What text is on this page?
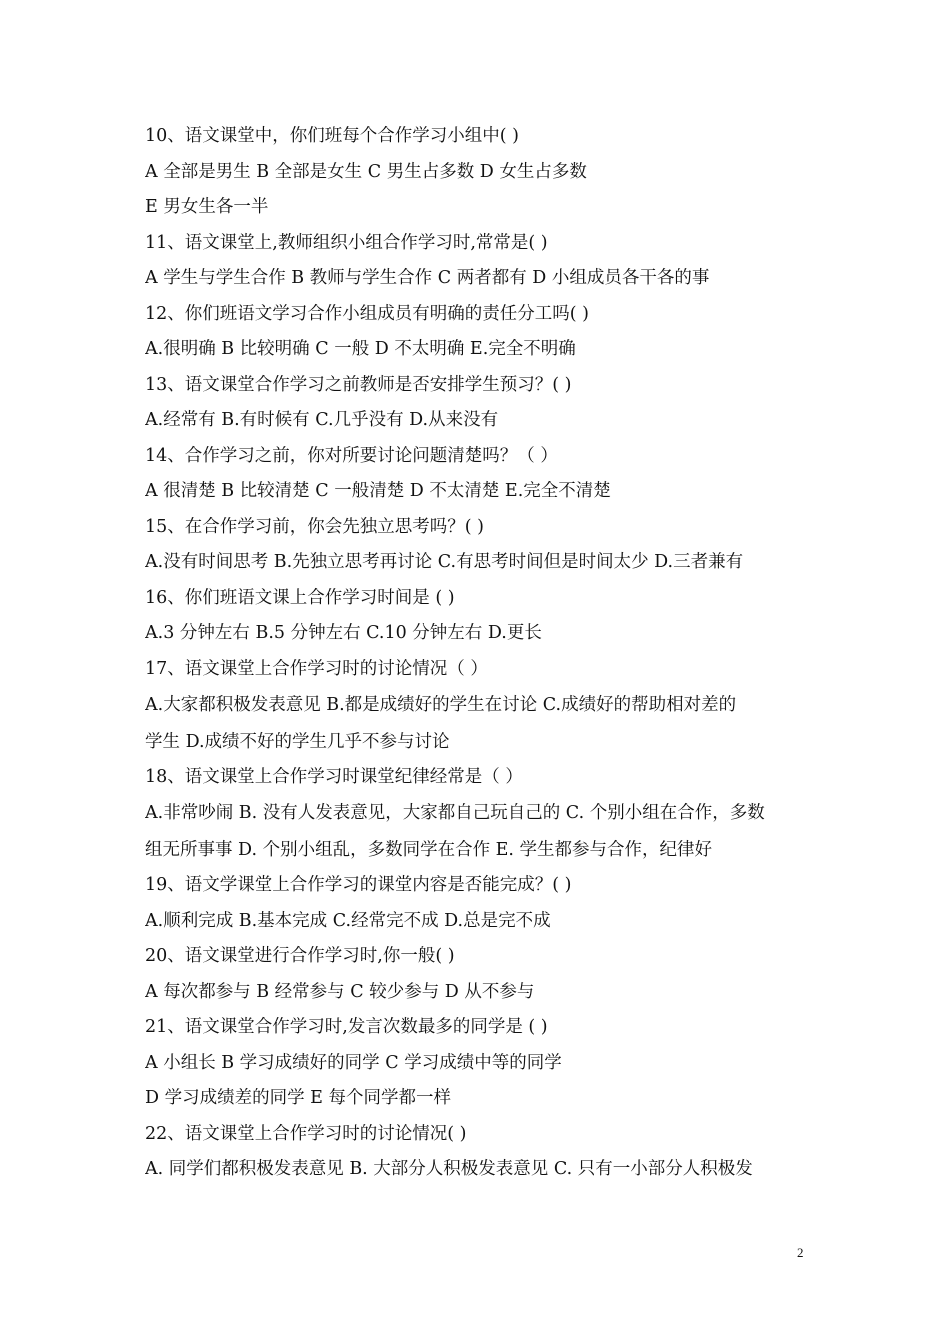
10、语文课堂中，你们班每个合作学习小组中( )
A 全部是男生 B 全部是女生 C 男生占多数 D 女生占多数
E 男女生各一半
11、语文课堂上,教师组织小组合作学习时,常常是( )
A 学生与学生合作 B 教师与学生合作 C 两者都有 D 小组成员各干各的事
12、你们班语文学习合作小组成员有明确的责任分工吗( )
A.很明确 B 比较明确 C 一般 D 不太明确 E.完全不明确
13、语文课堂合作学习之前教师是否安排学生预习？( )
A.经常有 B.有时候有 C.几乎没有 D.从来没有
14、合作学习之前，你对所要讨论问题清楚吗？（ ）
A 很清楚 B 比较清楚 C 一般清楚 D 不太清楚 E.完全不清楚
15、在合作学习前，你会先独立思考吗？( )
A.没有时间思考 B.先独立思考再讨论 C.有思考时间但是时间太少 D.三者兼有
16、你们班语文课上合作学习时间是 ( )
A.3 分钟左右 B.5 分钟左右 C.10 分钟左右 D.更长
17、语文课堂上合作学习时的讨论情况（ ）
A.大家都积极发表意见 B.都是成绩好的学生在讨论 C.成绩好的帮助相对差的
学生 D.成绩不好的学生几乎不参与讨论
18、语文课堂上合作学习时课堂纪律经常是（ ）
A.非常吵闹 B. 没有人发表意见，大家都自己玩自己的 C. 个别小组在合作，多数
组无所事事 D. 个别小组乱，多数同学在合作 E. 学生都参与合作，纪律好
19、语文学课堂上合作学习的课堂内容是否能完成？( )
A.顺利完成 B.基本完成 C.经常完不成 D.总是完不成
20、语文课堂进行合作学习时,你一般( )
A 每次都参与 B 经常参与 C 较少参与 D 从不参与
21、语文课堂合作学习时,发言次数最多的同学是 ( )
A 小组长 B 学习成绩好的同学 C 学习成绩中等的同学
D 学习成绩差的同学 E 每个同学都一样
22、语文课堂上合作学习时的讨论情况( )
A. 同学们都积极发表意见 B. 大部分人积极发表意见 C. 只有一小部分人积极发
2
